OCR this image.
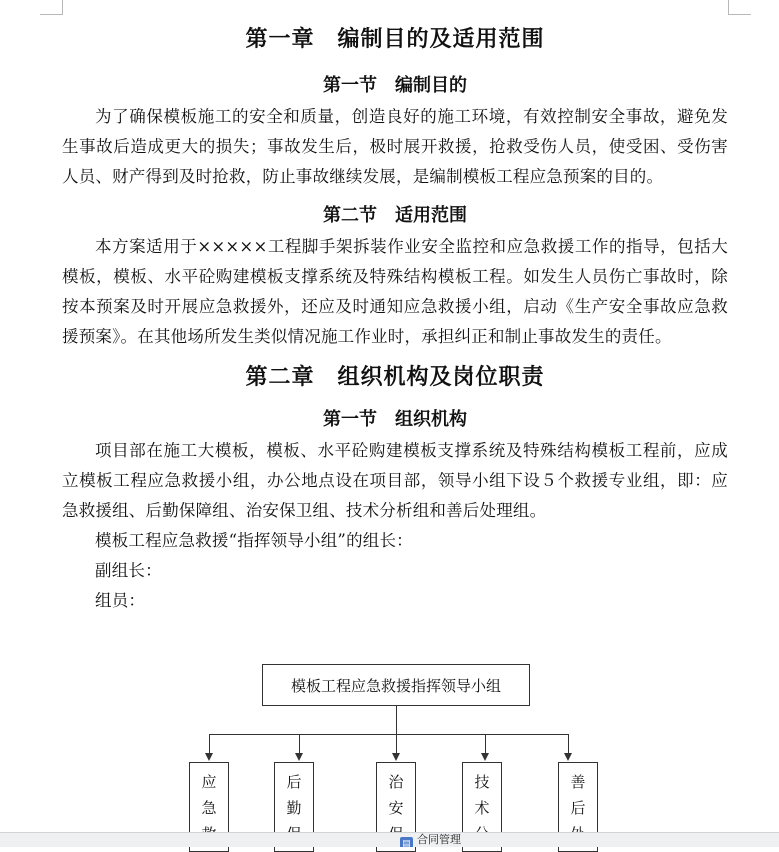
第一章　编制目的及适用范围
第一节　编制目的

为了确保模板施工的安全和质量，创造良好的施工环境，有效控制安全事故，避免发生事故后造成更大的损失；事故发生后，极时展开救援，抢救受伤人员，使受困、受伤害人员、财产得到及时抢救，防止事故继续发展，是编制模板工程应急预案的目的。

第二节　适用范围

本方案适用于×××××工程脚手架拆装作业安全监控和应急救援工作的指导，包括大模板，模板、水平砼购建模板支撑系统及特殊结构模板工程。如发生人员伤亡事故时，除按本预案及时开展应急救援外，还应及时通知应急救援小组，启动《生产安全事故应急救援预案》。在其他场所发生类似情况施工作业时，承担纠正和制止事故发生的责任。

第二章　组织机构及岗位职责
第一节　组织机构

项目部在施工大模板，模板、水平砼购建模板支撑系统及特殊结构模板工程前，应成立模板工程应急救援小组，办公地点设在项目部，领导小组下设５个救援专业组，即：应急救援组、后勤保障组、治安保卫组、技术分析组和善后处理组。

模板工程应急救援“指挥领导小组”的组长：

副组长：

组员：

模板工程应急救援指挥领导小组
应
急
后
勤
治
安
技
术
善
后
▤ 合同管理
